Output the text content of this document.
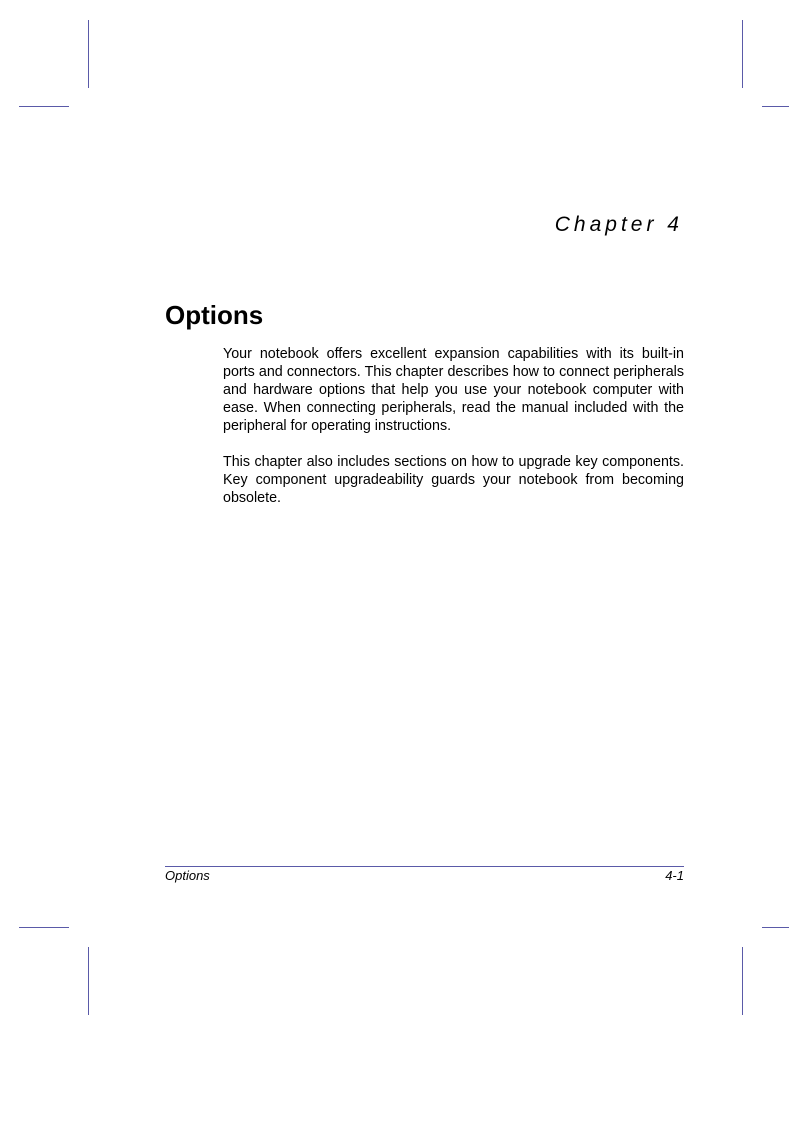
Chapter 4
Options

Your notebook offers excellent expansion capabilities with its built-in ports and connectors. This chapter describes how to connect peripherals and hardware options that help you use your notebook computer with ease. When connecting peripherals, read the manual included with the peripheral for operating instructions.

This chapter also includes sections on how to upgrade key components. Key component upgradeability guards your notebook from becoming obsolete.

Options	4-1
